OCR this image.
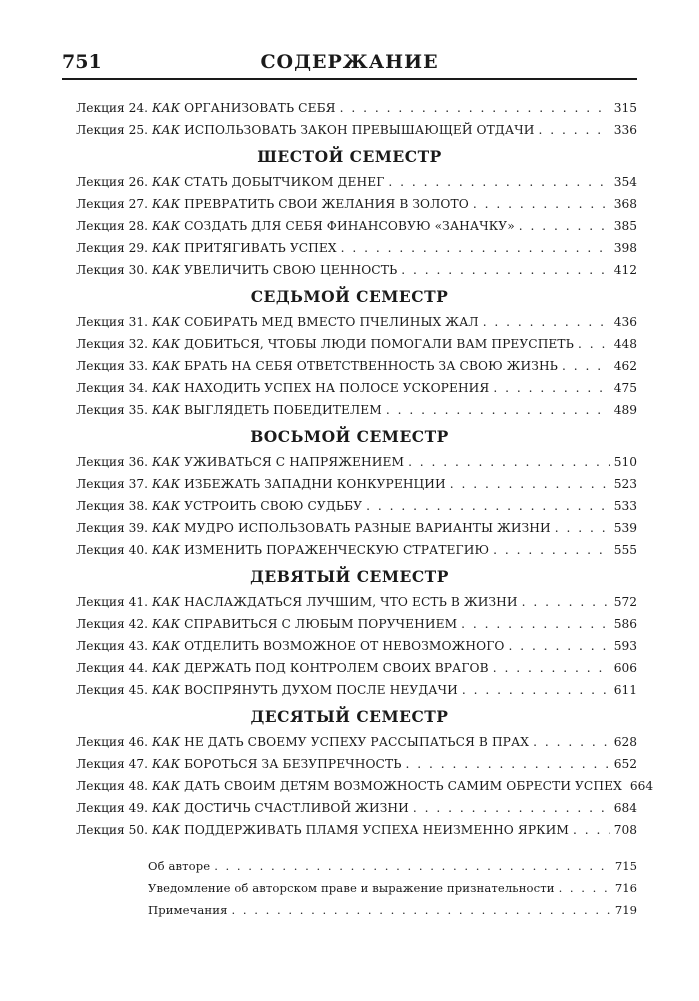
751	СОДЕРЖАНИЕ
Лекция 24. КАК ОРГАНИЗОВАТЬ СЕБЯ . . .	315
Лекция 25. КАК ИСПОЛЬЗОВАТЬ ЗАКОН ПРЕВЫШАЮЩЕЙ ОТДАЧИ . . .	336
ШЕСТОЙ СЕМЕСТР
Лекция 26. КАК СТАТЬ ДОБЫТЧИКОМ ДЕНЕГ . . .	354
Лекция 27. КАК ПРЕВРАТИТЬ СВОИ ЖЕЛАНИЯ В ЗОЛОТО . . .	368
Лекция 28. КАК СОЗДАТЬ ДЛЯ СЕБЯ ФИНАНСОВУЮ «ЗАНАЧКУ» . . .	385
Лекция 29. КАК ПРИТЯГИВАТЬ УСПЕХ . . .	398
Лекция 30. КАК УВЕЛИЧИТЬ СВОЮ ЦЕННОСТЬ . . .	412
СЕДЬМОЙ СЕМЕСТР
Лекция 31. КАК СОБИРАТЬ МЕД ВМЕСТО ПЧЕЛИНЫХ ЖАЛ . . .	436
Лекция 32. КАК ДОБИТЬСЯ, ЧТОБЫ ЛЮДИ ПОМОГАЛИ ВАМ ПРЕУСПЕТЬ . . .	448
Лекция 33. КАК БРАТЬ НА СЕБЯ ОТВЕТСТВЕННОСТЬ ЗА СВОЮ ЖИЗНЬ . . .	462
Лекция 34. КАК НАХОДИТЬ УСПЕХ НА ПОЛОСЕ УСКОРЕНИЯ . . .	475
Лекция 35. КАК ВЫГЛЯДЕТЬ ПОБЕДИТЕЛЕМ . . .	489
ВОСЬМОЙ СЕМЕСТР
Лекция 36. КАК УЖИВАТЬСЯ С НАПРЯЖЕНИЕМ . . .	510
Лекция 37. КАК ИЗБЕЖАТЬ ЗАПАДНИ КОНКУРЕНЦИИ . . .	523
Лекция 38. КАК УСТРОИТЬ СВОЮ СУДЬБУ . . .	533
Лекция 39. КАК МУДРО ИСПОЛЬЗОВАТЬ РАЗНЫЕ ВАРИАНТЫ ЖИЗНИ . . .	539
Лекция 40. КАК ИЗМЕНИТЬ ПОРАЖЕНЧЕСКУЮ СТРАТЕГИЮ . . .	555
ДЕВЯТЫЙ СЕМЕСТР
Лекция 41. КАК НАСЛАЖДАТЬСЯ ЛУЧШИМ, ЧТО ЕСТЬ В ЖИЗНИ . . .	572
Лекция 42. КАК СПРАВИТЬСЯ С ЛЮБЫМ ПОРУЧЕНИЕМ . . .	586
Лекция 43. КАК ОТДЕЛИТЬ ВОЗМОЖНОЕ ОТ НЕВОЗМОЖНОГО . . .	593
Лекция 44. КАК ДЕРЖАТЬ ПОД КОНТРОЛЕМ СВОИХ ВРАГОВ . . .	606
Лекция 45. КАК ВОСПРЯНУТЬ ДУХОМ ПОСЛЕ НЕУДАЧИ . . .	611
ДЕСЯТЫЙ СЕМЕСТР
Лекция 46. КАК НЕ ДАТЬ СВОЕМУ УСПЕХУ РАССЫПАТЬСЯ В ПРАХ . . .	628
Лекция 47. КАК БОРОТЬСЯ ЗА БЕЗУПРЕЧНОСТЬ . . .	652
Лекция 48. КАК ДАТЬ СВОИМ ДЕТЯМ ВОЗМОЖНОСТЬ САМИМ ОБРЕСТИ УСПЕХ 664
Лекция 49. КАК ДОСТИЧЬ СЧАСТЛИВОЙ ЖИЗНИ . . .	684
Лекция 50. КАК ПОДДЕРЖИВАТЬ ПЛАМЯ УСПЕХА НЕИЗМЕННО ЯРКИМ . . .	708
Об авторе . . .	715
Уведомление об авторском праве и выражение признательности . . .	716
Примечания . . .	719
